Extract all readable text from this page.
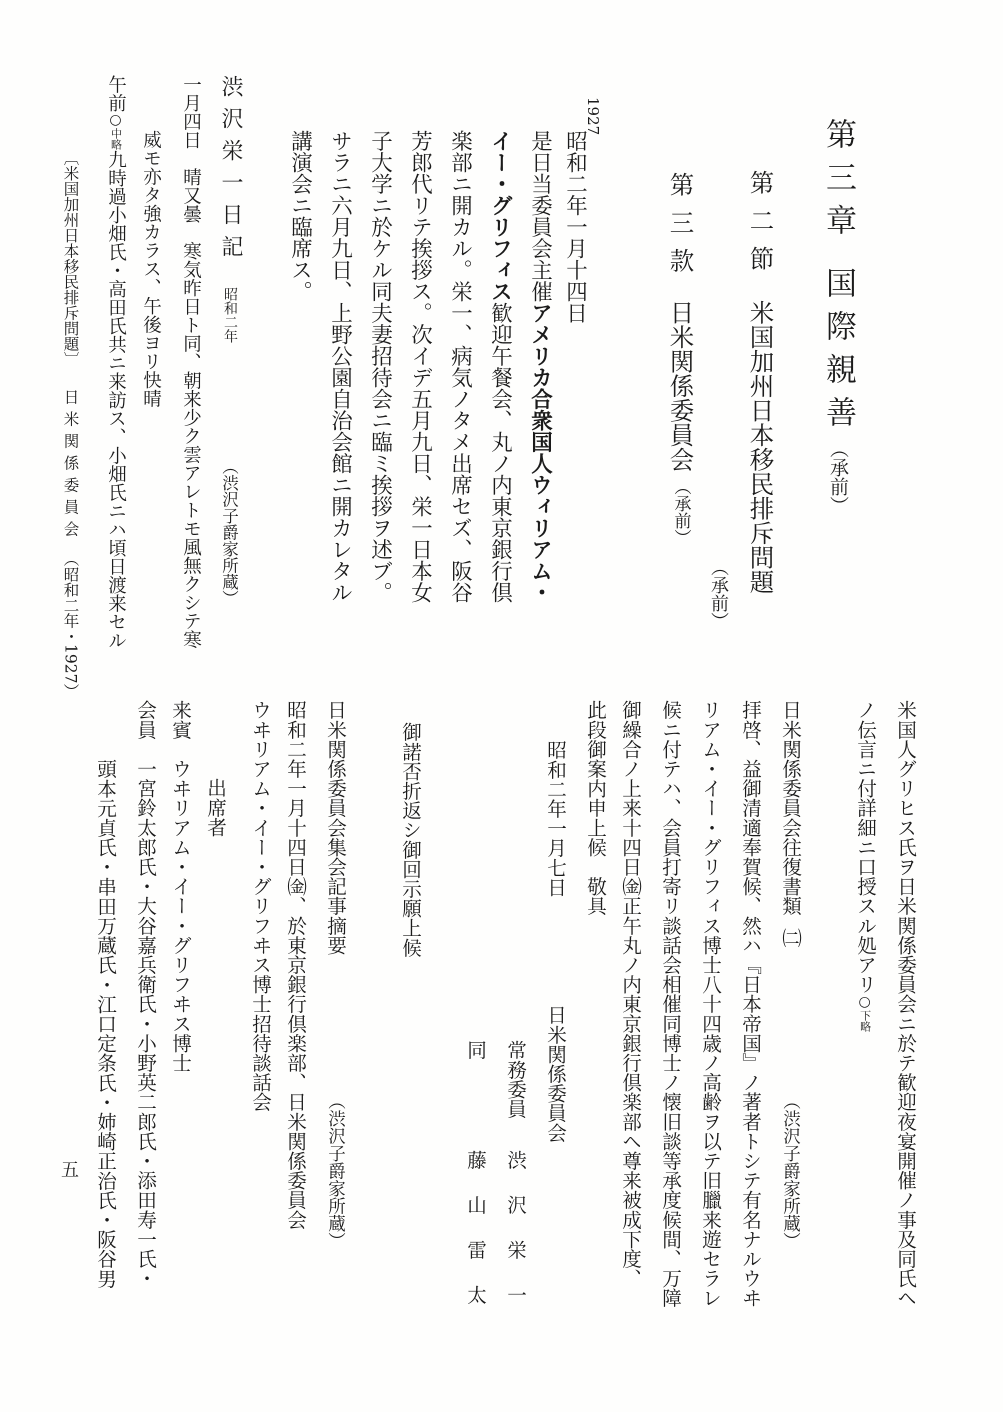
第三章国際親善（承前）
第二節米国加州日本移民排斥問題
（承前）
第三款日米関係委員会（承前）
1927
昭和二年一月十四日
是日当委員会主催アメリカ合衆国人ウィリアム・
イー・グリフィス歓迎午餐会、丸ノ内東京銀行倶
楽部ニ開カル。栄一、病気ノタメ出席セズ、阪谷
芳郎代リテ挨拶ス。次イデ五月九日、栄一日本女
子大学ニ於ケル同夫妻招待会ニ臨ミ挨拶ヲ述ブ。
サラニ六月九日、上野公園自治会館ニ開カレタル
講演会ニ臨席ス。
渋沢栄一日記昭和二年
（渋沢子爵家所蔵）
一月四日　晴又曇　寒気昨日ト同、朝来少ク雲アレトモ風無クシテ寒
威モ亦タ強カラス、午後ヨリ快晴
午前○中略九時過小畑氏・高田氏共ニ来訪ス、小畑氏ニハ頃日渡来セル
〔米国加州日本移民排斥問題〕日米関係委員会（昭和二年・1927）
米国人グリヒス氏ヲ日米関係委員会ニ於テ歓迎夜宴開催ノ事及同氏ヘ
ノ伝言ニ付詳細ニ口授スル処アリ○下略
日米関係委員会往復書類㈡
（渋沢子爵家所蔵）
拝啓、益御清適奉賀候、然ハ『日本帝国』ノ著者トシテ有名ナルウヰ
リアム・イー・グリフィス博士八十四歳ノ高齢ヲ以テ旧臘来遊セラレ
候ニ付テハ、会員打寄リ談話会相催同博士ノ懐旧談等承度候間、万障
御繰合ノ上来十四日㈮正午丸ノ内東京銀行倶楽部ヘ尊来被成下度、
此段御案内申上候　敬具
昭和二年一月七日
日米関係委員会
常務委員
渋沢栄一
同
藤山雷太
御諾否折返シ御回示願上候
日米関係委員会集会記事摘要
（渋沢子爵家所蔵）
昭和二年一月十四日㈮、於東京銀行倶楽部、日米関係委員会
ウヰリアム・イー・グリフヰス博士招待談話会
出席者
来賓ウヰリアム・イー・グリフヰス博士
会員一宮鈴太郎氏・大谷嘉兵衛氏・小野英二郎氏・添田寿一氏・
頭本元貞氏・串田万蔵氏・江口定条氏・姉崎正治氏・阪谷男
五
